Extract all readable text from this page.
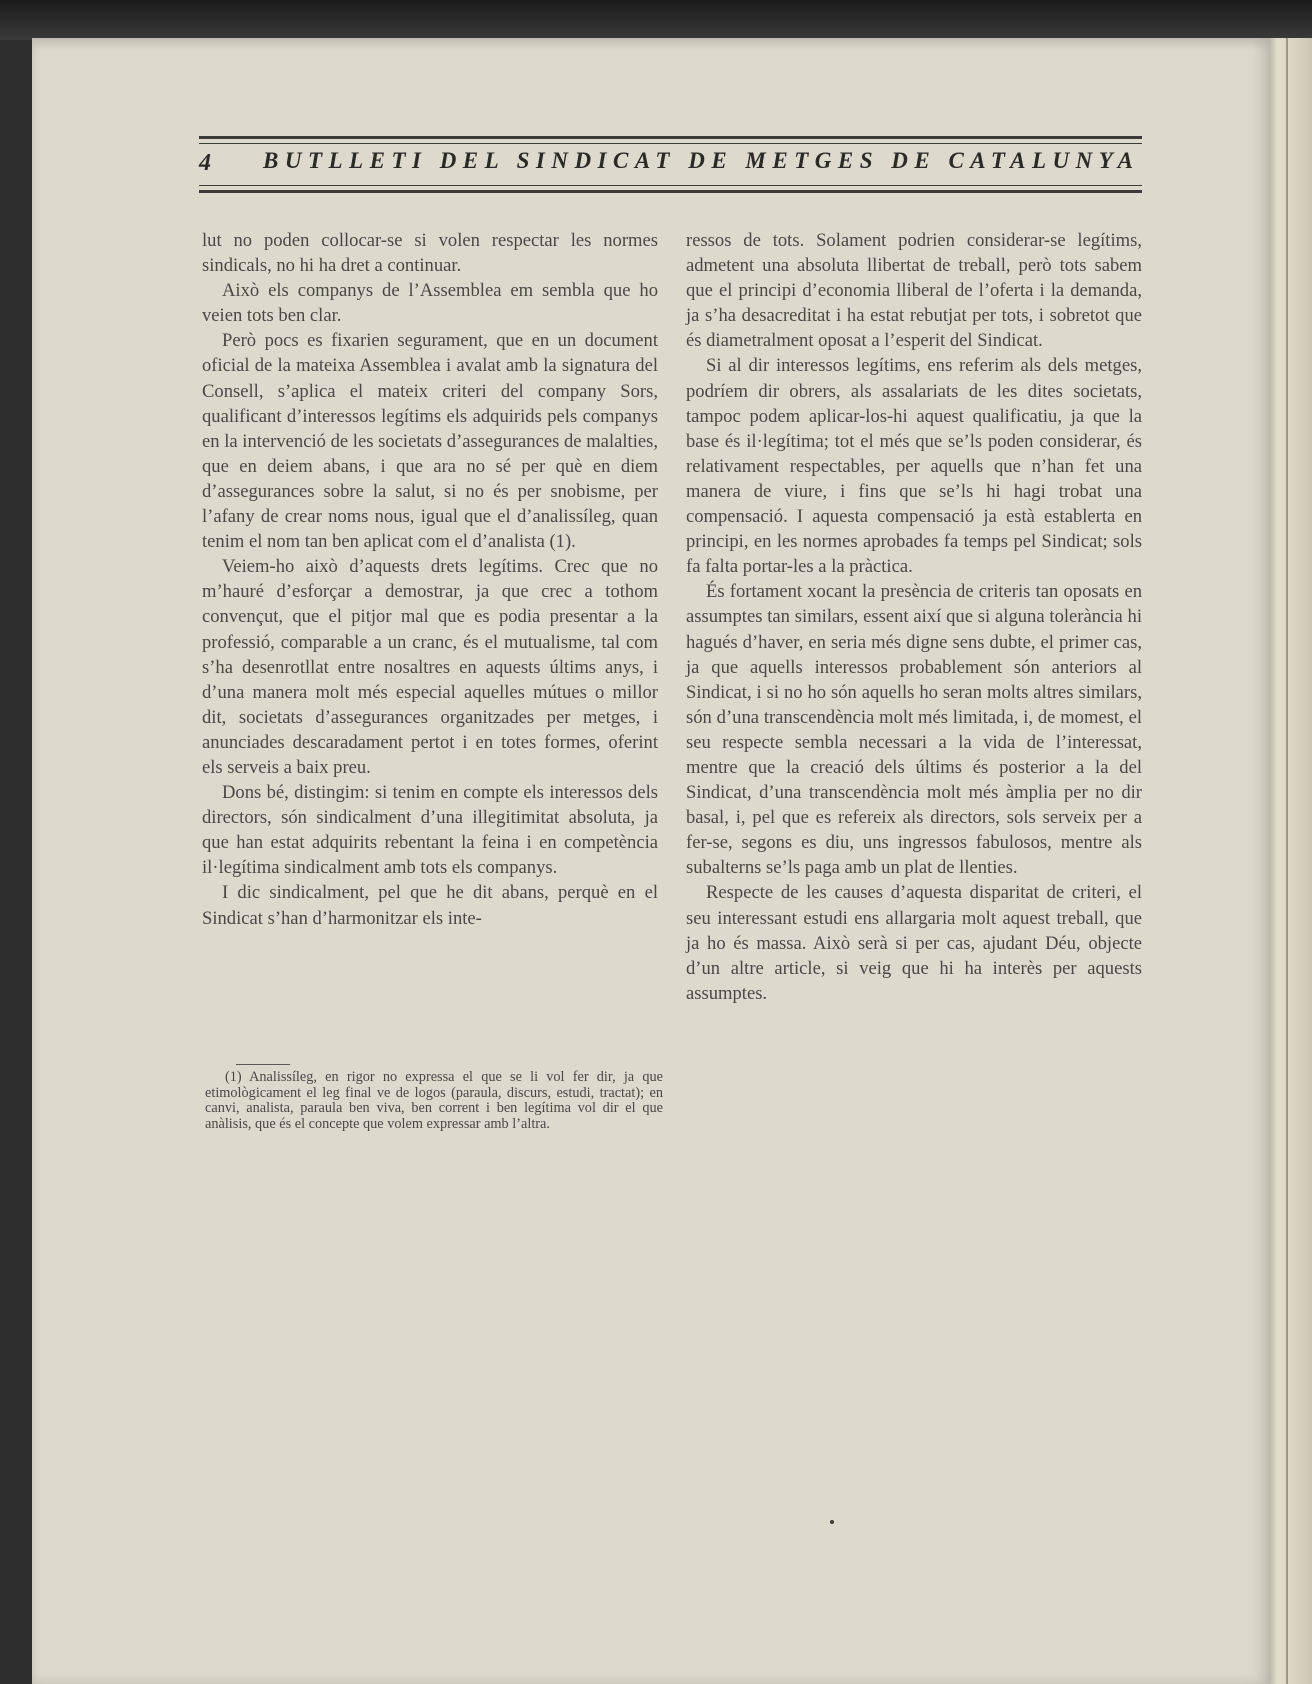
4 BUTLLETI DEL SINDICAT DE METGES DE CATALUNYA

lut no poden collocar-se si volen respectar les normes sindicals, no hi ha dret a continuar.

Això els companys de l’Assemblea em sembla que ho veien tots ben clar.

Però pocs es fixarien segurament, que en un document oficial de la mateixa Assemblea i avalat amb la signatura del Consell, s’aplica el mateix criteri del company Sors, qualificant d’interessos legítims els adquirids pels companys en la intervenció de les societats d’assegurances de malalties, que en deiem abans, i que ara no sé per què en diem d’assegurances sobre la salut, si no és per snobisme, per l’afany de crear noms nous, igual que el d’analissíleg, quan tenim el nom tan ben aplicat com el d’analista (1).

Veiem-ho això d’aquests drets legítims. Crec que no m’hauré d’esforçar a demostrar, ja que crec a tothom convençut, que el pitjor mal que es podia presentar a la professió, comparable a un cranc, és el mutualisme, tal com s’ha desenrotllat entre nosaltres en aquests últims anys, i d’una manera molt més especial aquelles mútues o millor dit, societats d’assegurances organitzades per metges, i anunciades descaradament pertot i en totes formes, oferint els serveis a baix preu.

Dons bé, distingim: si tenim en compte els interessos dels directors, són sindicalment d’una illegitimitat absoluta, ja que han estat adquirits rebentant la feina i en competència il·legítima sindicalment amb tots els companys.

I dic sindicalment, pel que he dit abans, perquè en el Sindicat s’han d’harmonitzar els inte-

(1) Analissíleg, en rigor no expressa el que se li vol fer dir, ja que etimològicament el leg final ve de logos (paraula, discurs, estudi, tractat); en canvi, analista, paraula ben viva, ben corrent i ben legítima vol dir el que anàlisis, que és el concepte que volem expressar amb l’altra.

ressos de tots. Solament podrien considerar-se legítims, admetent una absoluta llibertat de treball, però tots sabem que el principi d’economia lliberal de l’oferta i la demanda, ja s’ha desacreditat i ha estat rebutjat per tots, i sobretot que és diametralment oposat a l’esperit del Sindicat.

Si al dir interessos legítims, ens referim als dels metges, podríem dir obrers, als assalariats de les dites societats, tampoc podem aplicar-los-hi aquest qualificatiu, ja que la base és il·legítima; tot el més que se’ls poden considerar, és relativament respectables, per aquells que n’han fet una manera de viure, i fins que se’ls hi hagi trobat una compensació. I aquesta compensació ja està establerta en principi, en les normes aprobades fa temps pel Sindicat; sols fa falta portar-les a la pràctica.

És fortament xocant la presència de criteris tan oposats en assumptes tan similars, essent així que si alguna tolerància hi hagués d’haver, en seria més digne sens dubte, el primer cas, ja que aquells interessos probablement són anteriors al Sindicat, i si no ho són aquells ho seran molts altres similars, són d’una transcendència molt més limitada, i, de momest, el seu respecte sembla necessari a la vida de l’interessat, mentre que la creació dels últims és posterior a la del Sindicat, d’una transcendència molt més àmplia per no dir basal, i, pel que es refereix als directors, sols serveix per a fer-se, segons es diu, uns ingressos fabulosos, mentre als subalterns se’ls paga amb un plat de llenties.

Respecte de les causes d’aquesta disparitat de criteri, el seu interessant estudi ens allargaria molt aquest treball, que ja ho és massa. Això serà si per cas, ajudant Déu, objecte d’un altre article, si veig que hi ha interès per aquests assumptes.
